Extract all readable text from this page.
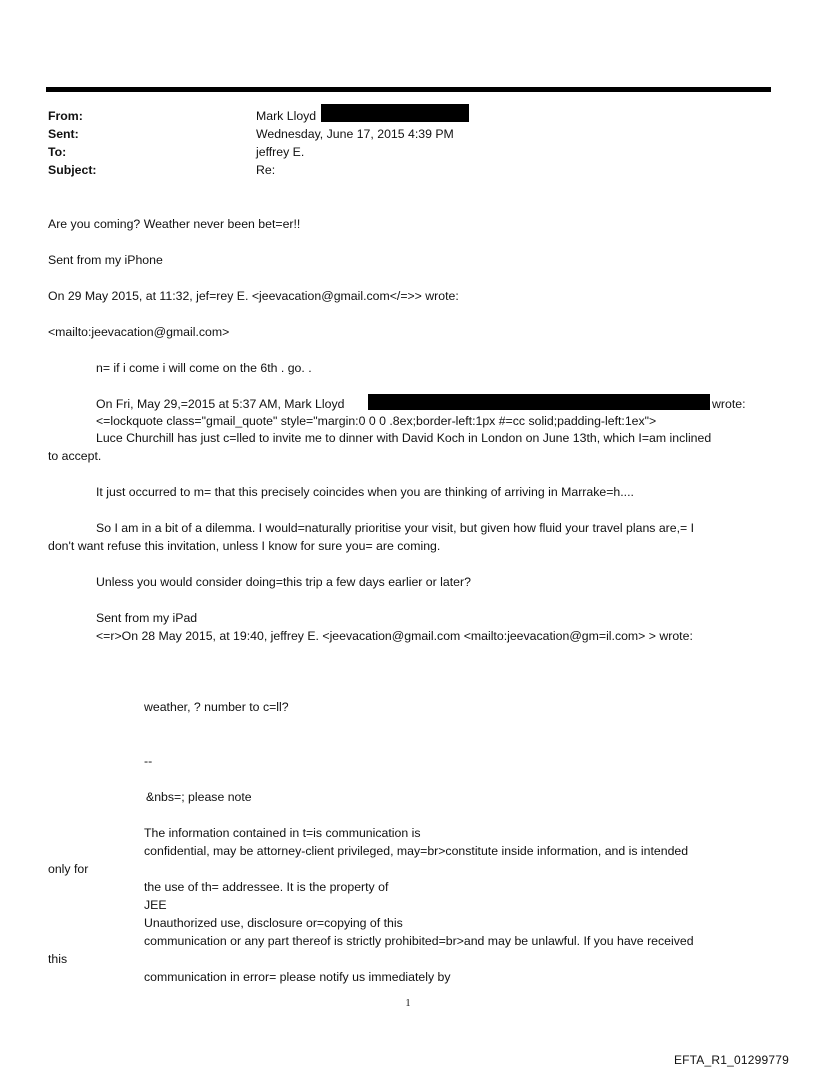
From:	Mark Lloyd
Sent:	Wednesday, June 17, 2015 4:39 PM
To:	jeffrey E.
Subject:	Re:
Are you coming? Weather never been bet=er!!
Sent from my iPhone
On 29 May 2015, at 11:32, jef=rey E. <jeevacation@gmail.com</=>> wrote:
<mailto:jeevacation@gmail.com>
n= if i come i will come on the 6th . go. .
On Fri, May 29,=2015 at 5:37 AM, Mark Lloyd	wrote:
<=lockquote class="gmail_quote" style="margin:0 0 0 .8ex;border-left:1px #=cc solid;padding-left:1ex">
Luce Churchill has just c=lled to invite me to dinner with David Koch in London on June 13th, which I=am inclined
to accept.
It just occurred to m= that this precisely coincides when you are thinking of arriving in Marrake=h....
So I am in a bit of a dilemma. I would=naturally prioritise your visit, but given how fluid your travel plans are,= I
don't want refuse this invitation, unless I know for sure you= are coming.
Unless you would consider doing=this trip a few days earlier or later?
Sent from my iPad
<=r>On 28 May 2015, at 19:40, jeffrey E. <jeevacation@gmail.com <mailto:jeevacation@gm=il.com> > wrote:
weather, ? number to c=ll?
--
&nbs=; please note
The information contained in t=is communication is
confidential, may be attorney-client privileged, may=br>constitute inside information, and is intended
only for
the use of th= addressee. It is the property of
JEE
Unauthorized use, disclosure or=copying of this
communication or any part thereof is strictly prohibited=br>and may be unlawful. If you have received
this
communication in error= please notify us immediately by
1
EFTA_R1_01299779
